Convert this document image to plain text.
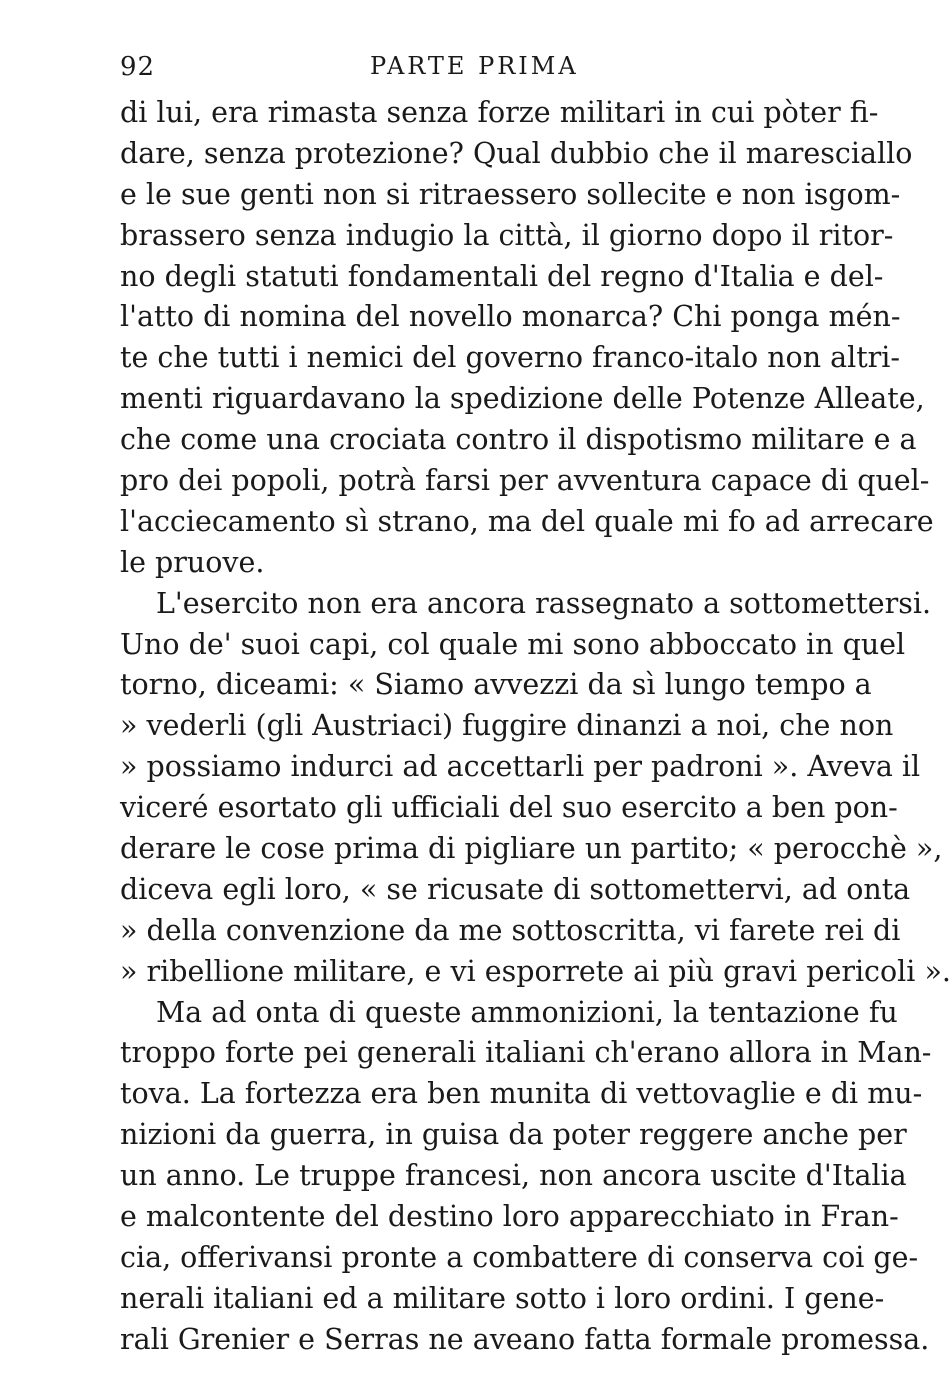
92	PARTE PRIMA
di lui, era rimasta senza forze militari in cui pòter fi-
dare, senza protezione? Qual dubbio che il maresciallo
e le sue genti non si ritraessero sollecite e non isgom-
brassero senza indugio la città, il giorno dopo il ritor-
no degli statuti fondamentali del regno d'Italia e del-
l'atto di nomina del novello monarca? Chi ponga mén-
te che tutti i nemici del governo franco-italo non altri-
menti riguardavano la spedizione delle Potenze Alleate,
che come una crociata contro il dispotismo militare e a
pro dei popoli, potrà farsi per avventura capace di quel-
l'acciecamento sì strano, ma del quale mi fo ad arrecare
le pruove.
L'esercito non era ancora rassegnato a sottomettersi.
Uno de' suoi capi, col quale mi sono abboccato in quel
torno, diceami: « Siamo avvezzi da sì lungo tempo a
» vederli (gli Austriaci) fuggire dinanzi a noi, che non
» possiamo indurci ad accettarli per padroni ». Aveva il
viceré esortato gli ufficiali del suo esercito a ben pon-
derare le cose prima di pigliare un partito; « perocchè »,
diceva egli loro, « se ricusate di sottomettervi, ad onta
» della convenzione da me sottoscritta, vi farete rei di
» ribellione militare, e vi esporrete ai più gravi pericoli ».
Ma ad onta di queste ammonizioni, la tentazione fu
troppo forte pei generali italiani ch'erano allora in Man-
tova. La fortezza era ben munita di vettovaglie e di mu-
nizioni da guerra, in guisa da poter reggere anche per
un anno. Le truppe francesi, non ancora uscite d'Italia
e malcontente del destino loro apparecchiato in Fran-
cia, offerivansi pronte a combattere di conserva coi ge-
nerali italiani ed a militare sotto i loro ordini. I gene-
rali Grenier e Serras ne aveano fatta formale promessa.
